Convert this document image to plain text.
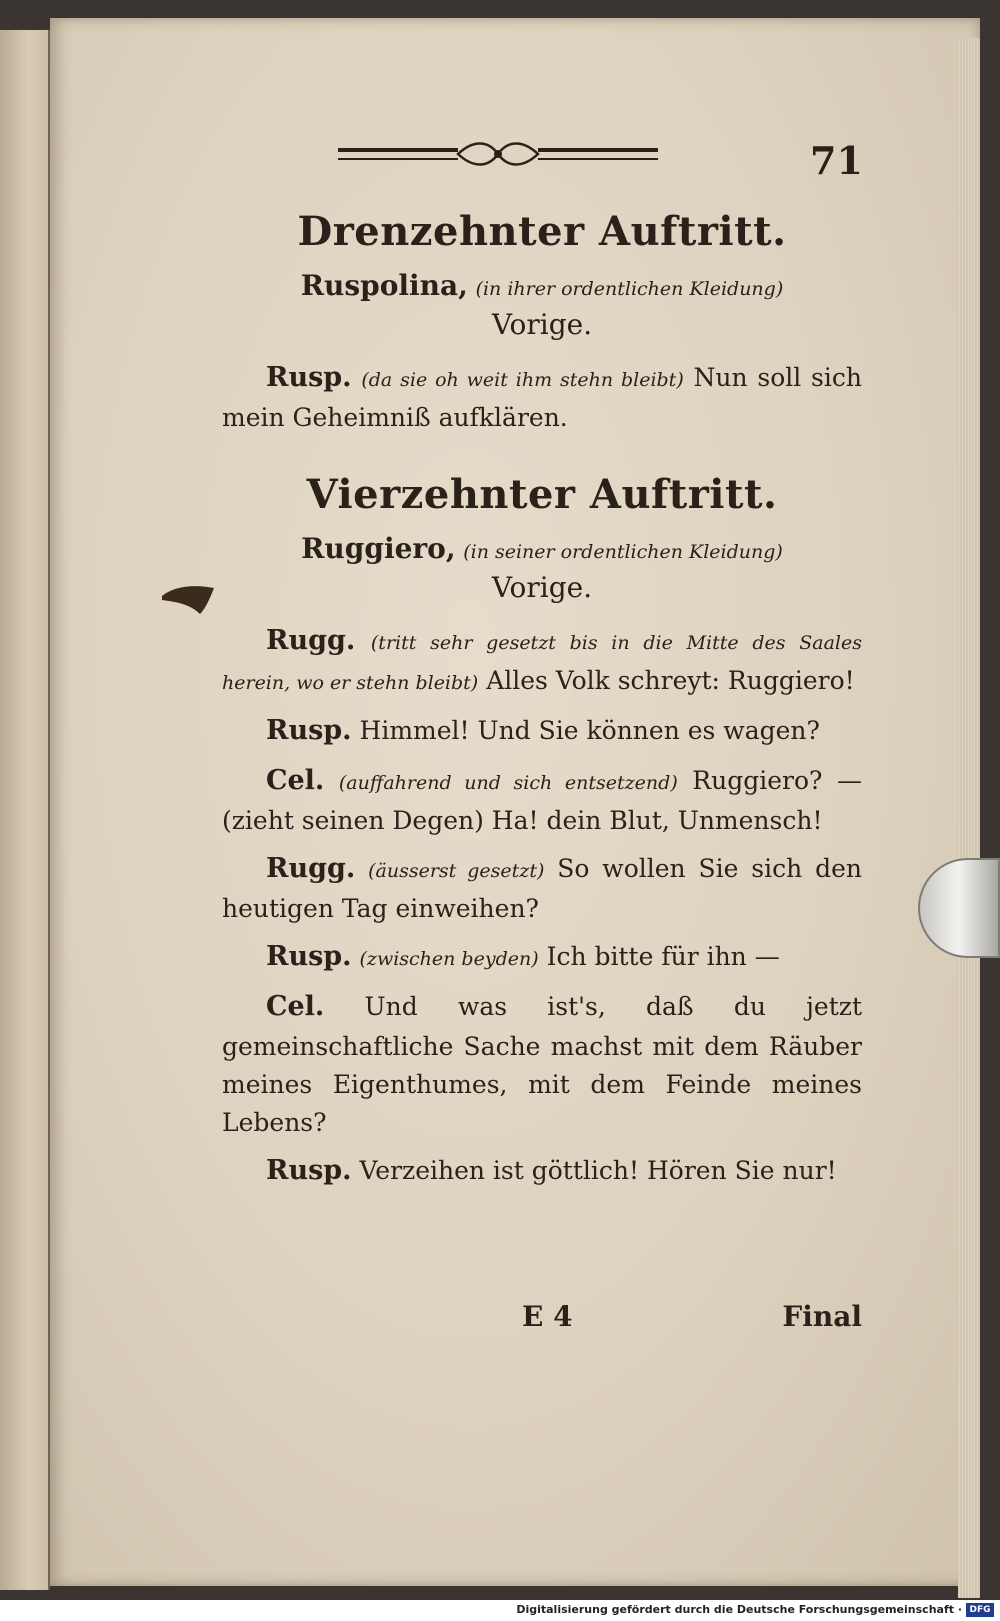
71
Drenzehnter Auftritt.

Ruspolina, (in ihrer ordentlichen Kleidung)

Vorige.

Rusp. (da sie oh weit ihm stehn bleibt) Nun soll sich mein Geheimniß aufklären.

Vierzehnter Auftritt.

Ruggiero, (in seiner ordentlichen Kleidung)

Vorige.

Rugg. (tritt sehr gesetzt bis in die Mitte des Saales herein, wo er stehn bleibt) Alles Volk schreyt: Ruggiero!

Rusp. Himmel! Und Sie können es wagen?

Cel. (auffahrend und sich entsetzend) Ruggiero? — (zieht seinen Degen) Ha! dein Blut, Unmensch!

Rugg. (äusserst gesetzt) So wollen Sie sich den heutigen Tag einweihen?

Rusp. (zwischen beyden) Ich bitte für ihn —

Cel. Und was ist's, daß du jetzt gemeinschaftliche Sache machst mit dem Räuber meines Eigenthumes, mit dem Feinde meines Lebens?

Rusp. Verzeihen ist göttlich! Hören Sie nur!

E 4	Final
Digitalisierung gefördert durch die Deutsche Forschungsgemeinschaft · DFG
